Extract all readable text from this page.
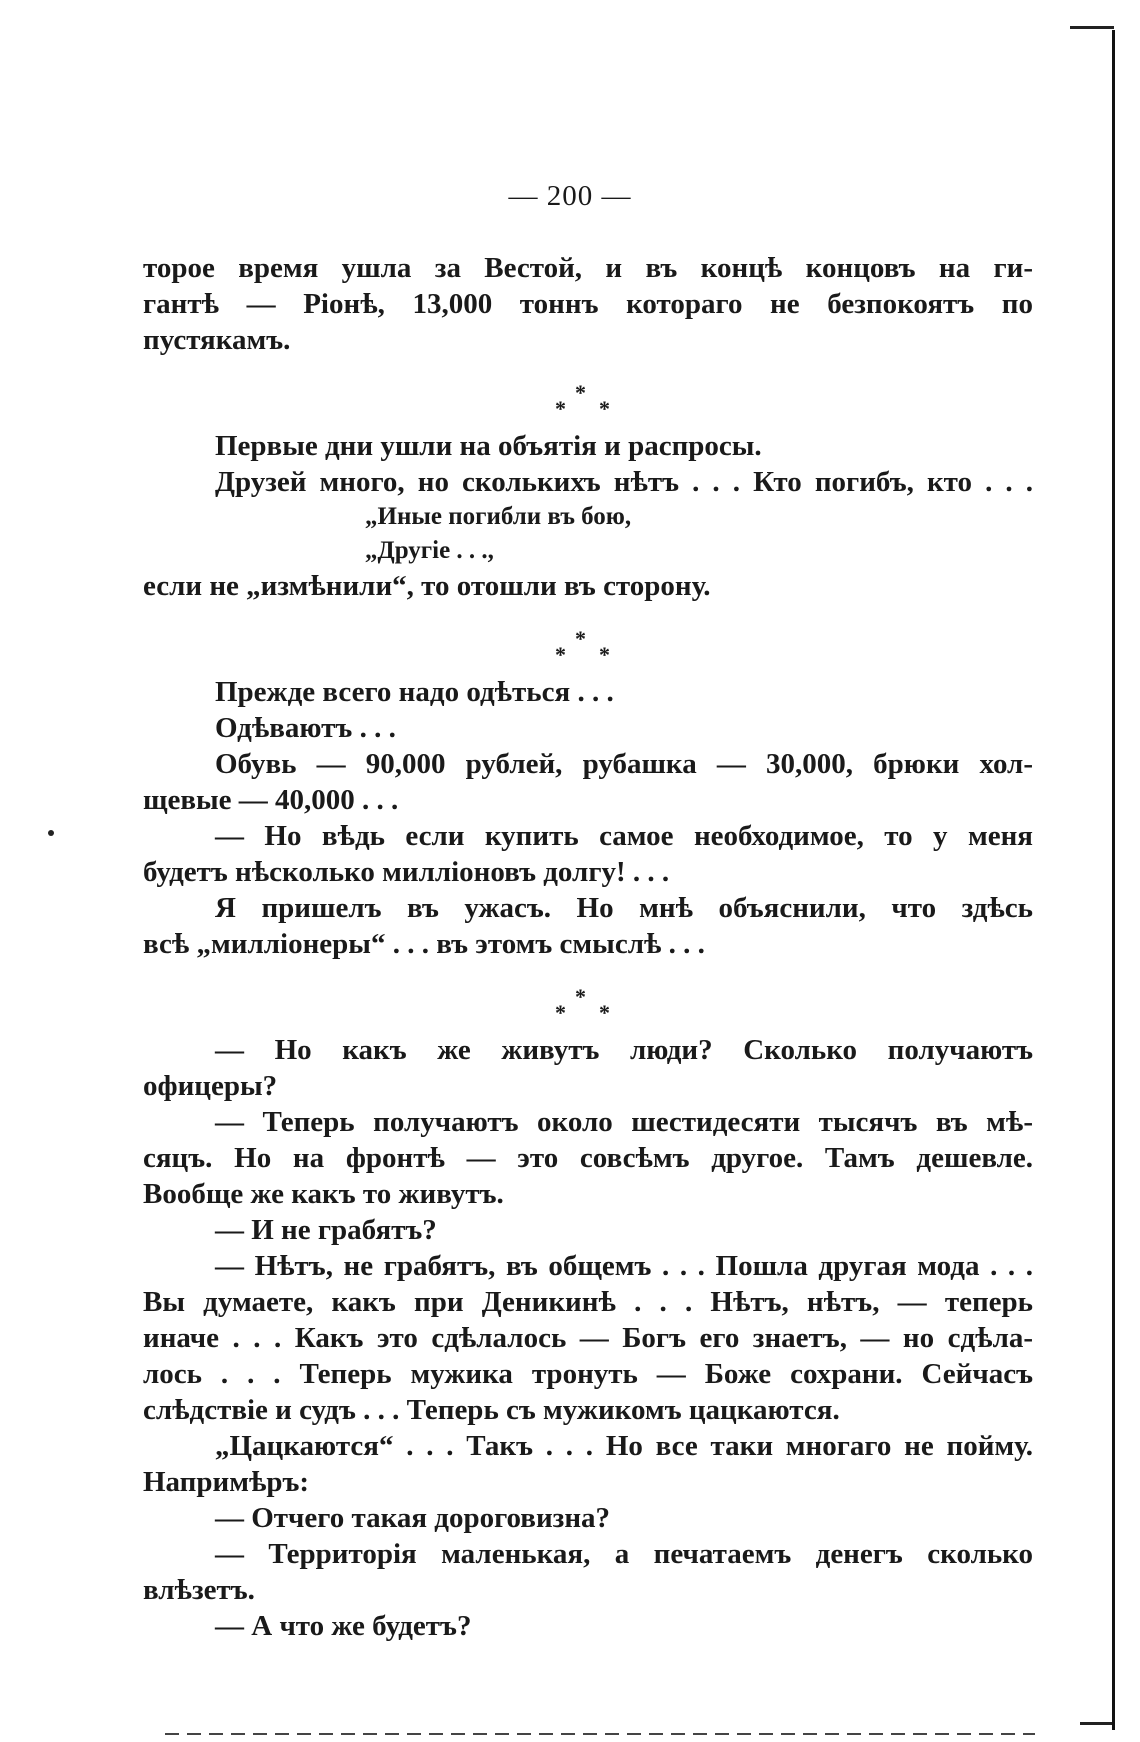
— 200 —
торое время ушла за Вестой, и въ концѣ концовъ на ги-
гантѣ — Ріонѣ, 13,000 тоннъ котораго не безпокоятъ по
пустякамъ.
*
*
*
Первые дни ушли на объятія и распросы.
Друзей много, но сколькихъ нѣтъ . . . Кто погибъ, кто . . .
„Иные погибли въ бою,
„Другіе . . .,
если не „измѣнили“, то отошли въ сторону.
*
*
*
Прежде всего надо одѣться . . .
Одѣваютъ . . .
Обувь — 90,000 рублей, рубашка — 30,000, брюки хол-
щевые — 40,000 . . .
— Но вѣдь если купить самое необходимое, то у меня
будетъ нѣсколько милліоновъ долгу! . . .
Я пришелъ въ ужасъ. Но мнѣ объяснили, что здѣсь
всѣ „милліонеры“ . . . въ этомъ смыслѣ . . .
*
*
*
— Но какъ же живутъ люди? Сколько получаютъ
офицеры?
— Теперь получаютъ около шестидесяти тысячъ въ мѣ-
сяцъ. Но на фронтѣ — это совсѣмъ другое. Тамъ дешевле.
Вообще же какъ то живутъ.
— И не грабятъ?
— Нѣтъ, не грабятъ, въ общемъ . . . Пошла другая мода . . .
Вы думаете, какъ при Деникинѣ . . . Нѣтъ, нѣтъ, — теперь
иначе . . . Какъ это сдѣлалось — Богъ его знаетъ, — но сдѣла-
лось . . . Теперь мужика тронуть — Боже сохрани. Сейчасъ
слѣдствіе и судъ . . . Теперь съ мужикомъ цацкаются.
„Цацкаются“ . . . Такъ . . . Но все таки многаго не пойму.
Напримѣръ:
— Отчего такая дороговизна?
— Территорія маленькая, а печатаемъ денегъ сколько
влѣзетъ.
— А что же будетъ?
